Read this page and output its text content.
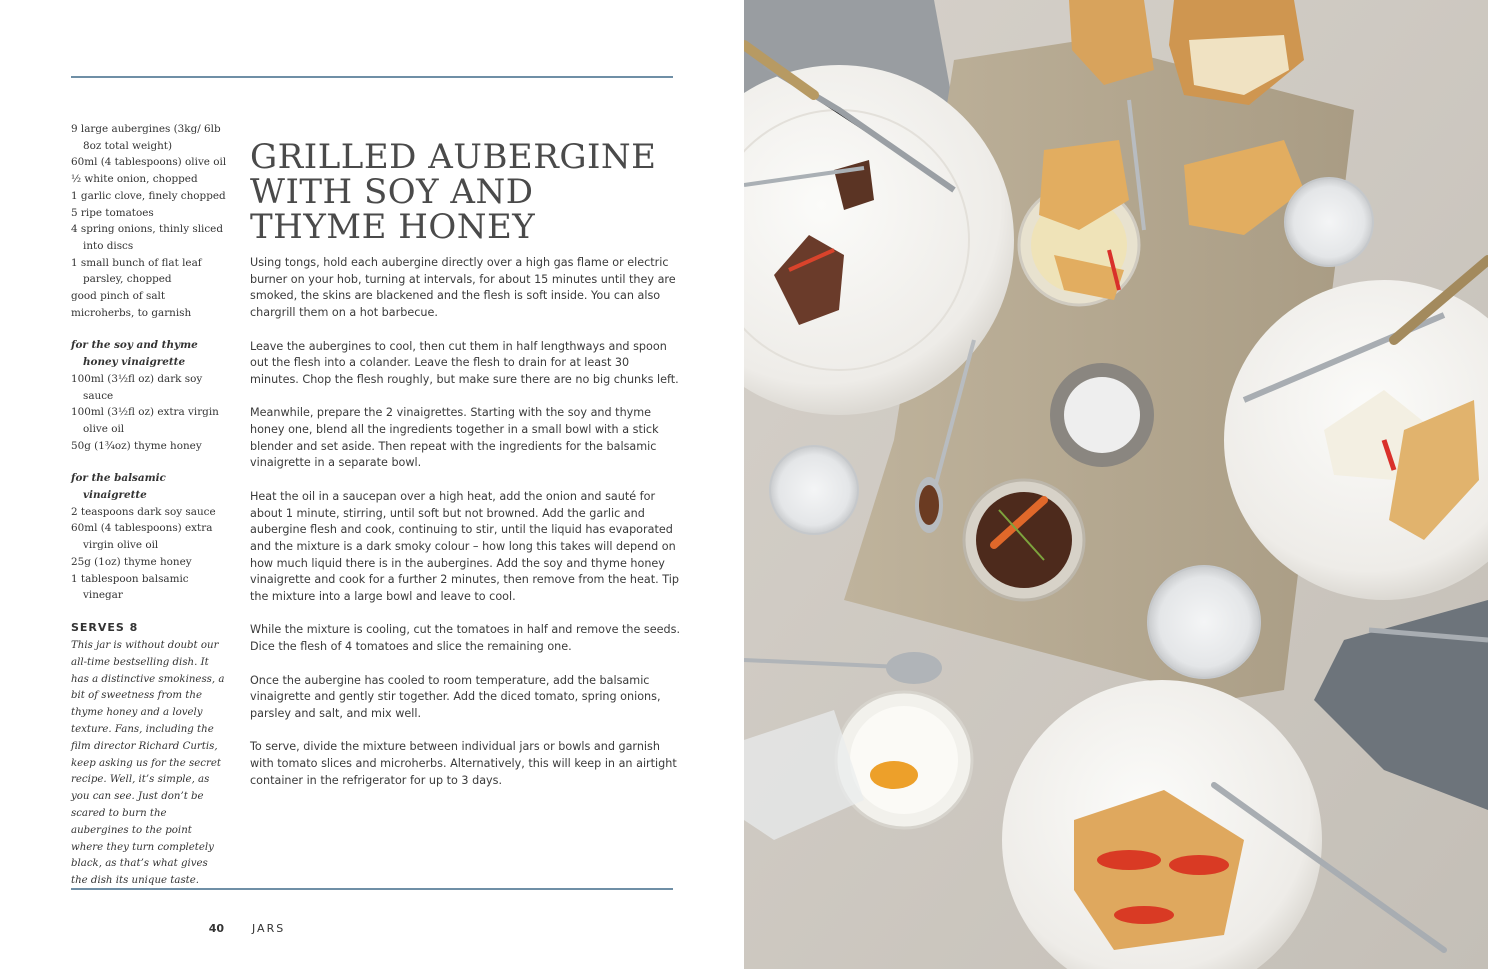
9 large aubergines (3kg/ 6lb 8oz total weight)
60ml (4 tablespoons) olive oil
½ white onion, chopped
1 garlic clove, finely chopped
5 ripe tomatoes
4 spring onions, thinly sliced into discs
1 small bunch of flat leaf parsley, chopped
good pinch of salt
microherbs, to garnish
for the soy and thyme honey vinaigrette
100ml (3½fl oz) dark soy sauce
100ml (3½fl oz) extra virgin olive oil
50g (1¾oz) thyme honey
for the balsamic vinaigrette
2 teaspoons dark soy sauce
60ml (4 tablespoons) extra virgin olive oil
25g (1oz) thyme honey
1 tablespoon balsamic vinegar
SERVES 8
This jar is without doubt our all-time bestselling dish. It has a distinctive smokiness, a bit of sweetness from the thyme honey and a lovely texture. Fans, including the film director Richard Curtis, keep asking us for the secret recipe. Well, it’s simple, as you can see. Just don’t be scared to burn the aubergines to the point where they turn completely black, as that’s what gives the dish its unique taste.
GRILLED AUBERGINE WITH SOY AND THYME HONEY

Using tongs, hold each aubergine directly over a high gas flame or electric burner on your hob, turning at intervals, for about 15 minutes until they are smoked, the skins are blackened and the flesh is soft inside. You can also chargrill them on a hot barbecue.

Leave the aubergines to cool, then cut them in half lengthways and spoon out the flesh into a colander. Leave the flesh to drain for at least 30 minutes. Chop the flesh roughly, but make sure there are no big chunks left.

Meanwhile, prepare the 2 vinaigrettes. Starting with the soy and thyme honey one, blend all the ingredients together in a small bowl with a stick blender and set aside. Then repeat with the ingredients for the balsamic vinaigrette in a separate bowl.

Heat the oil in a saucepan over a high heat, add the onion and sauté for about 1 minute, stirring, until soft but not browned. Add the garlic and aubergine flesh and cook, continuing to stir, until the liquid has evaporated and the mixture is a dark smoky colour – how long this takes will depend on how much liquid there is in the aubergines. Add the soy and thyme honey vinaigrette and cook for a further 2 minutes, then remove from the heat. Tip the mixture into a large bowl and leave to cool.

While the mixture is cooling, cut the tomatoes in half and remove the seeds. Dice the flesh of 4 tomatoes and slice the remaining one.

Once the aubergine has cooled to room temperature, add the balsamic vinaigrette and gently stir together. Add the diced tomato, spring onions, parsley and salt, and mix well.

To serve, divide the mixture between individual jars or bowls and garnish with tomato slices and microherbs. Alternatively, this will keep in an airtight container in the refrigerator for up to 3 days.

40	JARS
